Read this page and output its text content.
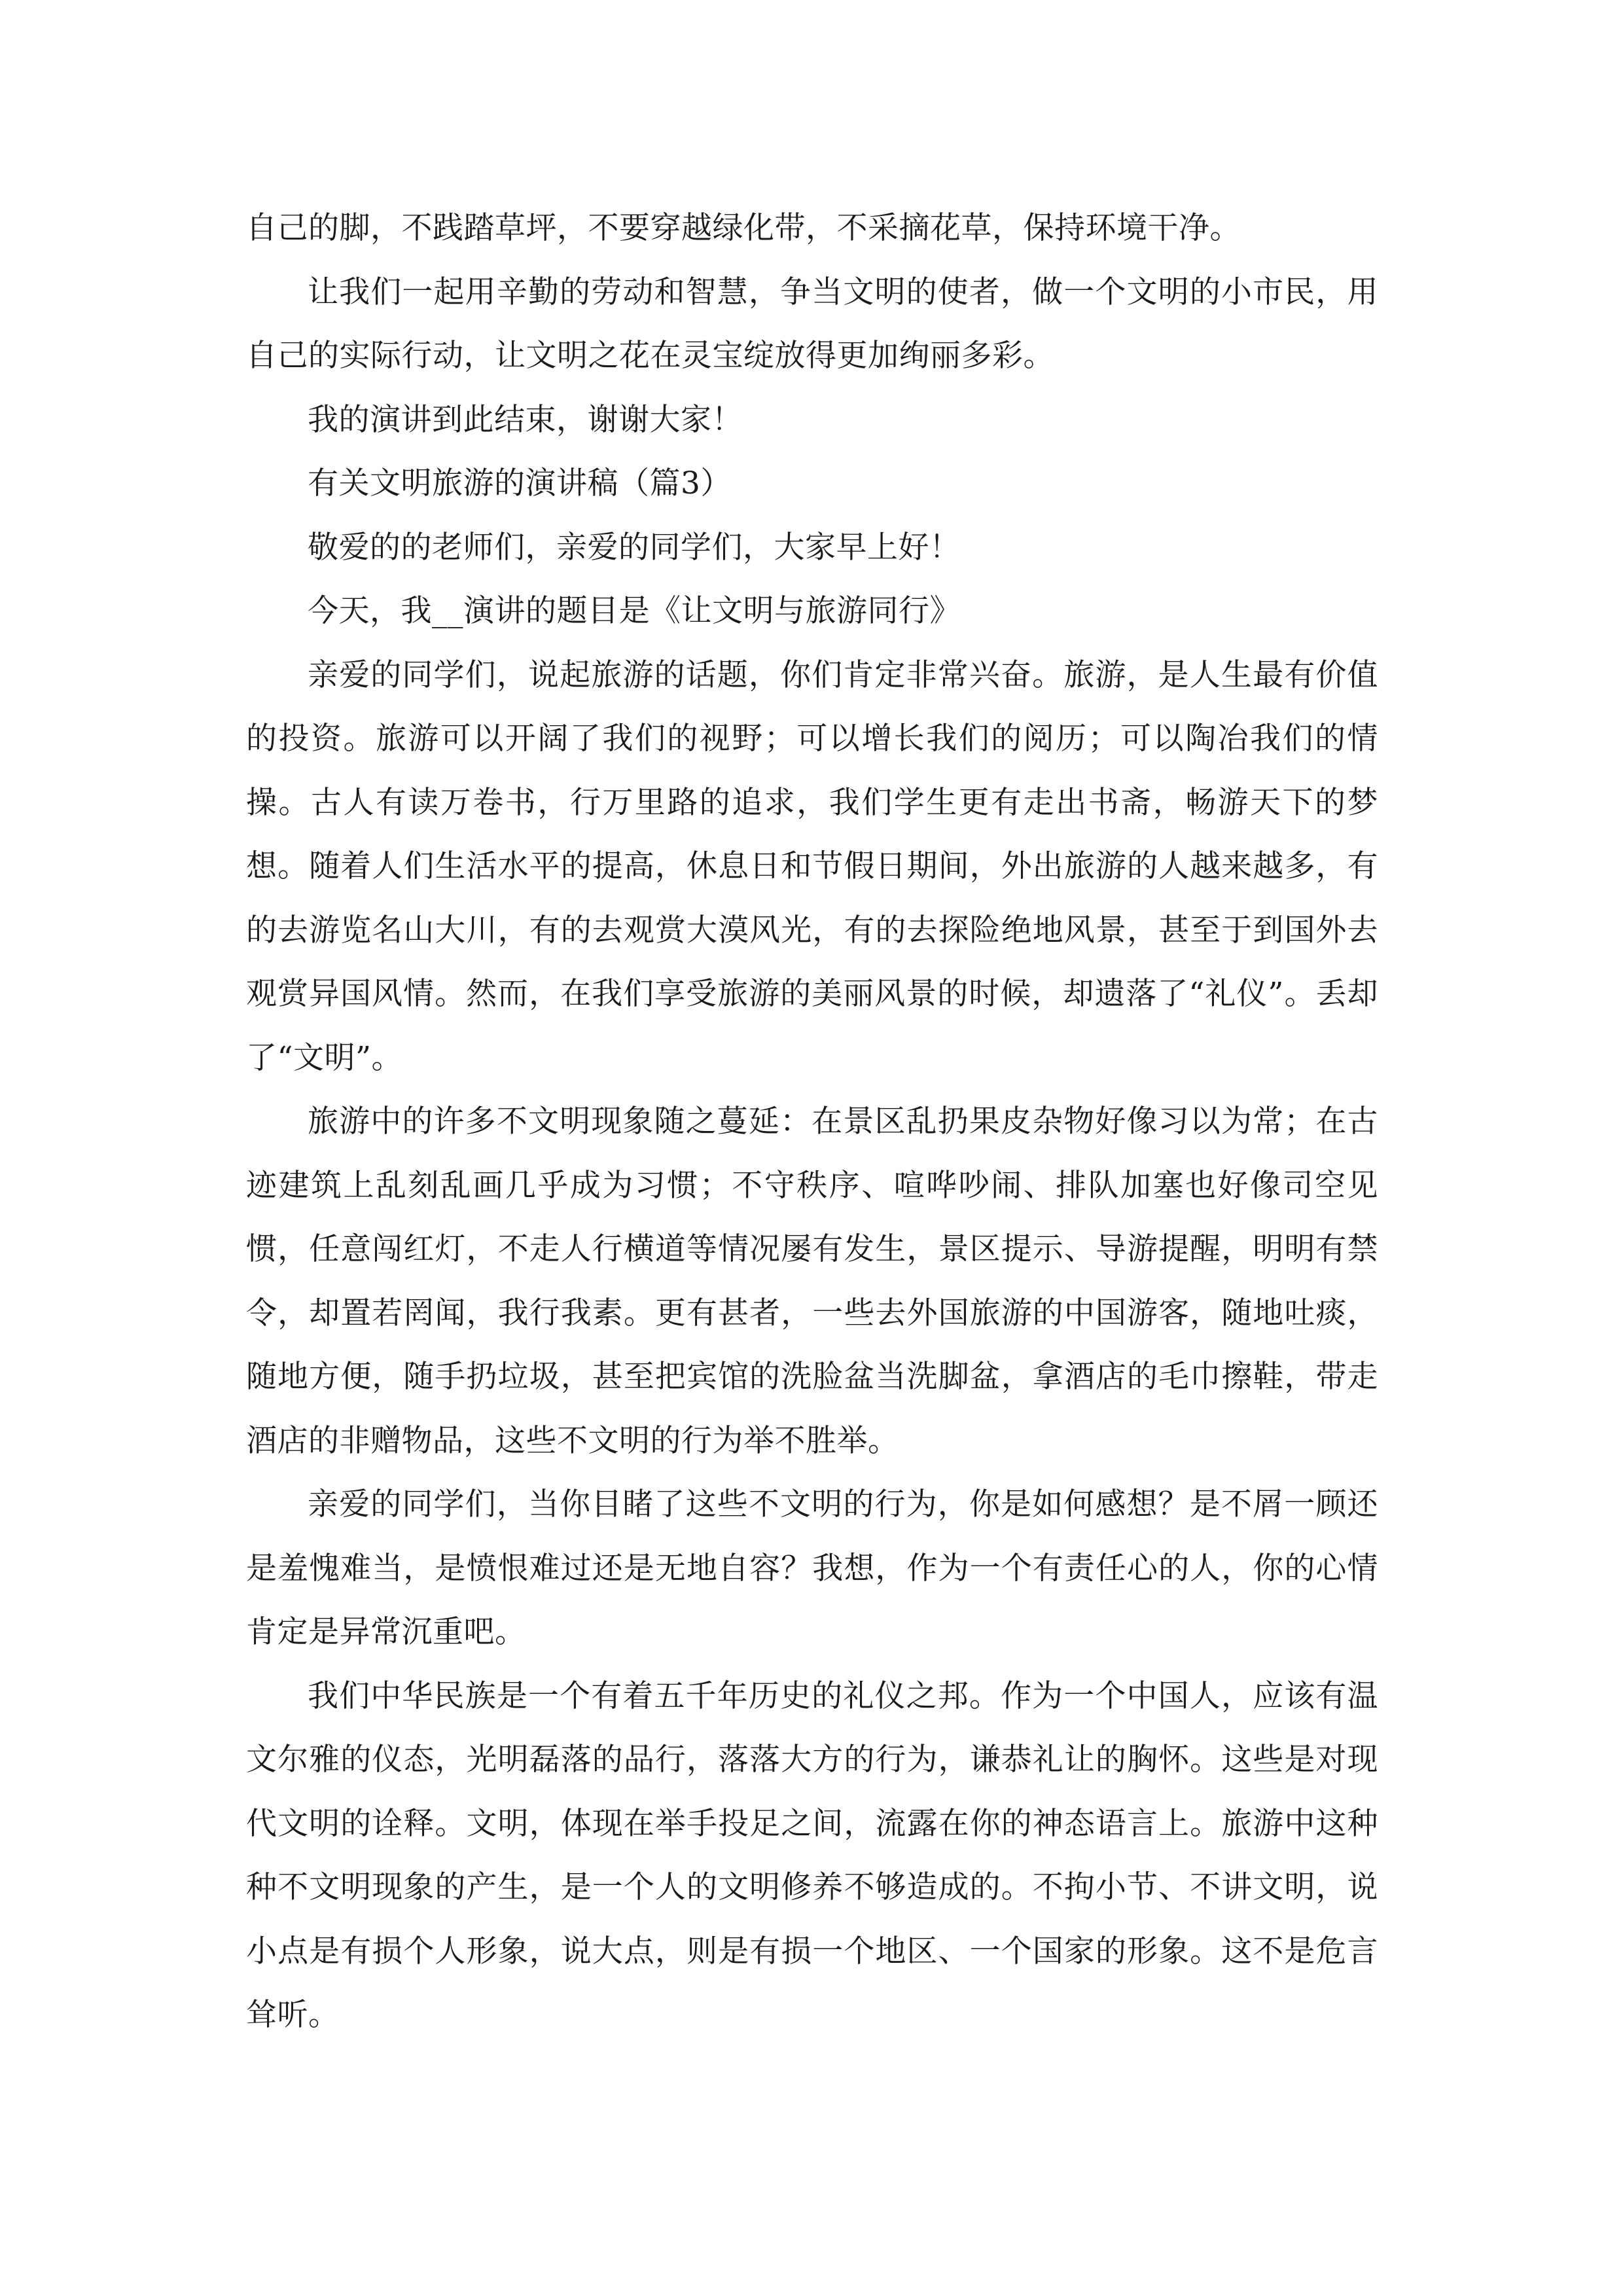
自己的脚，不践踏草坪，不要穿越绿化带，不采摘花草，保持环境干净。

让我们一起用辛勤的劳动和智慧，争当文明的使者，做一个文明的小市民，用自己的实际行动，让文明之花在灵宝绽放得更加绚丽多彩。

我的演讲到此结束，谢谢大家！

有关文明旅游的演讲稿（篇3）

敬爱的的老师们，亲爱的同学们，大家早上好！

今天，我__演讲的题目是《让文明与旅游同行》

亲爱的同学们，说起旅游的话题，你们肯定非常兴奋。旅游，是人生最有价值的投资。旅游可以开阔了我们的视野；可以增长我们的阅历；可以陶冶我们的情操。古人有读万卷书，行万里路的追求，我们学生更有走出书斋，畅游天下的梦想。随着人们生活水平的提高，休息日和节假日期间，外出旅游的人越来越多，有的去游览名山大川，有的去观赏大漠风光，有的去探险绝地风景，甚至于到国外去观赏异国风情。然而，在我们享受旅游的美丽风景的时候，却遗落了“礼仪”。丢却了“文明”。

旅游中的许多不文明现象随之蔓延：在景区乱扔果皮杂物好像习以为常；在古迹建筑上乱刻乱画几乎成为习惯；不守秩序、喧哗吵闹、排队加塞也好像司空见惯，任意闯红灯，不走人行横道等情况屡有发生，景区提示、导游提醒，明明有禁令，却置若罔闻，我行我素。更有甚者，一些去外国旅游的中国游客，随地吐痰，随地方便，随手扔垃圾，甚至把宾馆的洗脸盆当洗脚盆，拿酒店的毛巾擦鞋，带走酒店的非赠物品，这些不文明的行为举不胜举。

亲爱的同学们，当你目睹了这些不文明的行为，你是如何感想？是不屑一顾还是羞愧难当，是愤恨难过还是无地自容？我想，作为一个有责任心的人，你的心情肯定是异常沉重吧。

我们中华民族是一个有着五千年历史的礼仪之邦。作为一个中国人，应该有温文尔雅的仪态，光明磊落的品行，落落大方的行为，谦恭礼让的胸怀。这些是对现代文明的诠释。文明，体现在举手投足之间，流露在你的神态语言上。旅游中这种种不文明现象的产生，是一个人的文明修养不够造成的。不拘小节、不讲文明，说小点是有损个人形象，说大点，则是有损一个地区、一个国家的形象。这不是危言耸听。
